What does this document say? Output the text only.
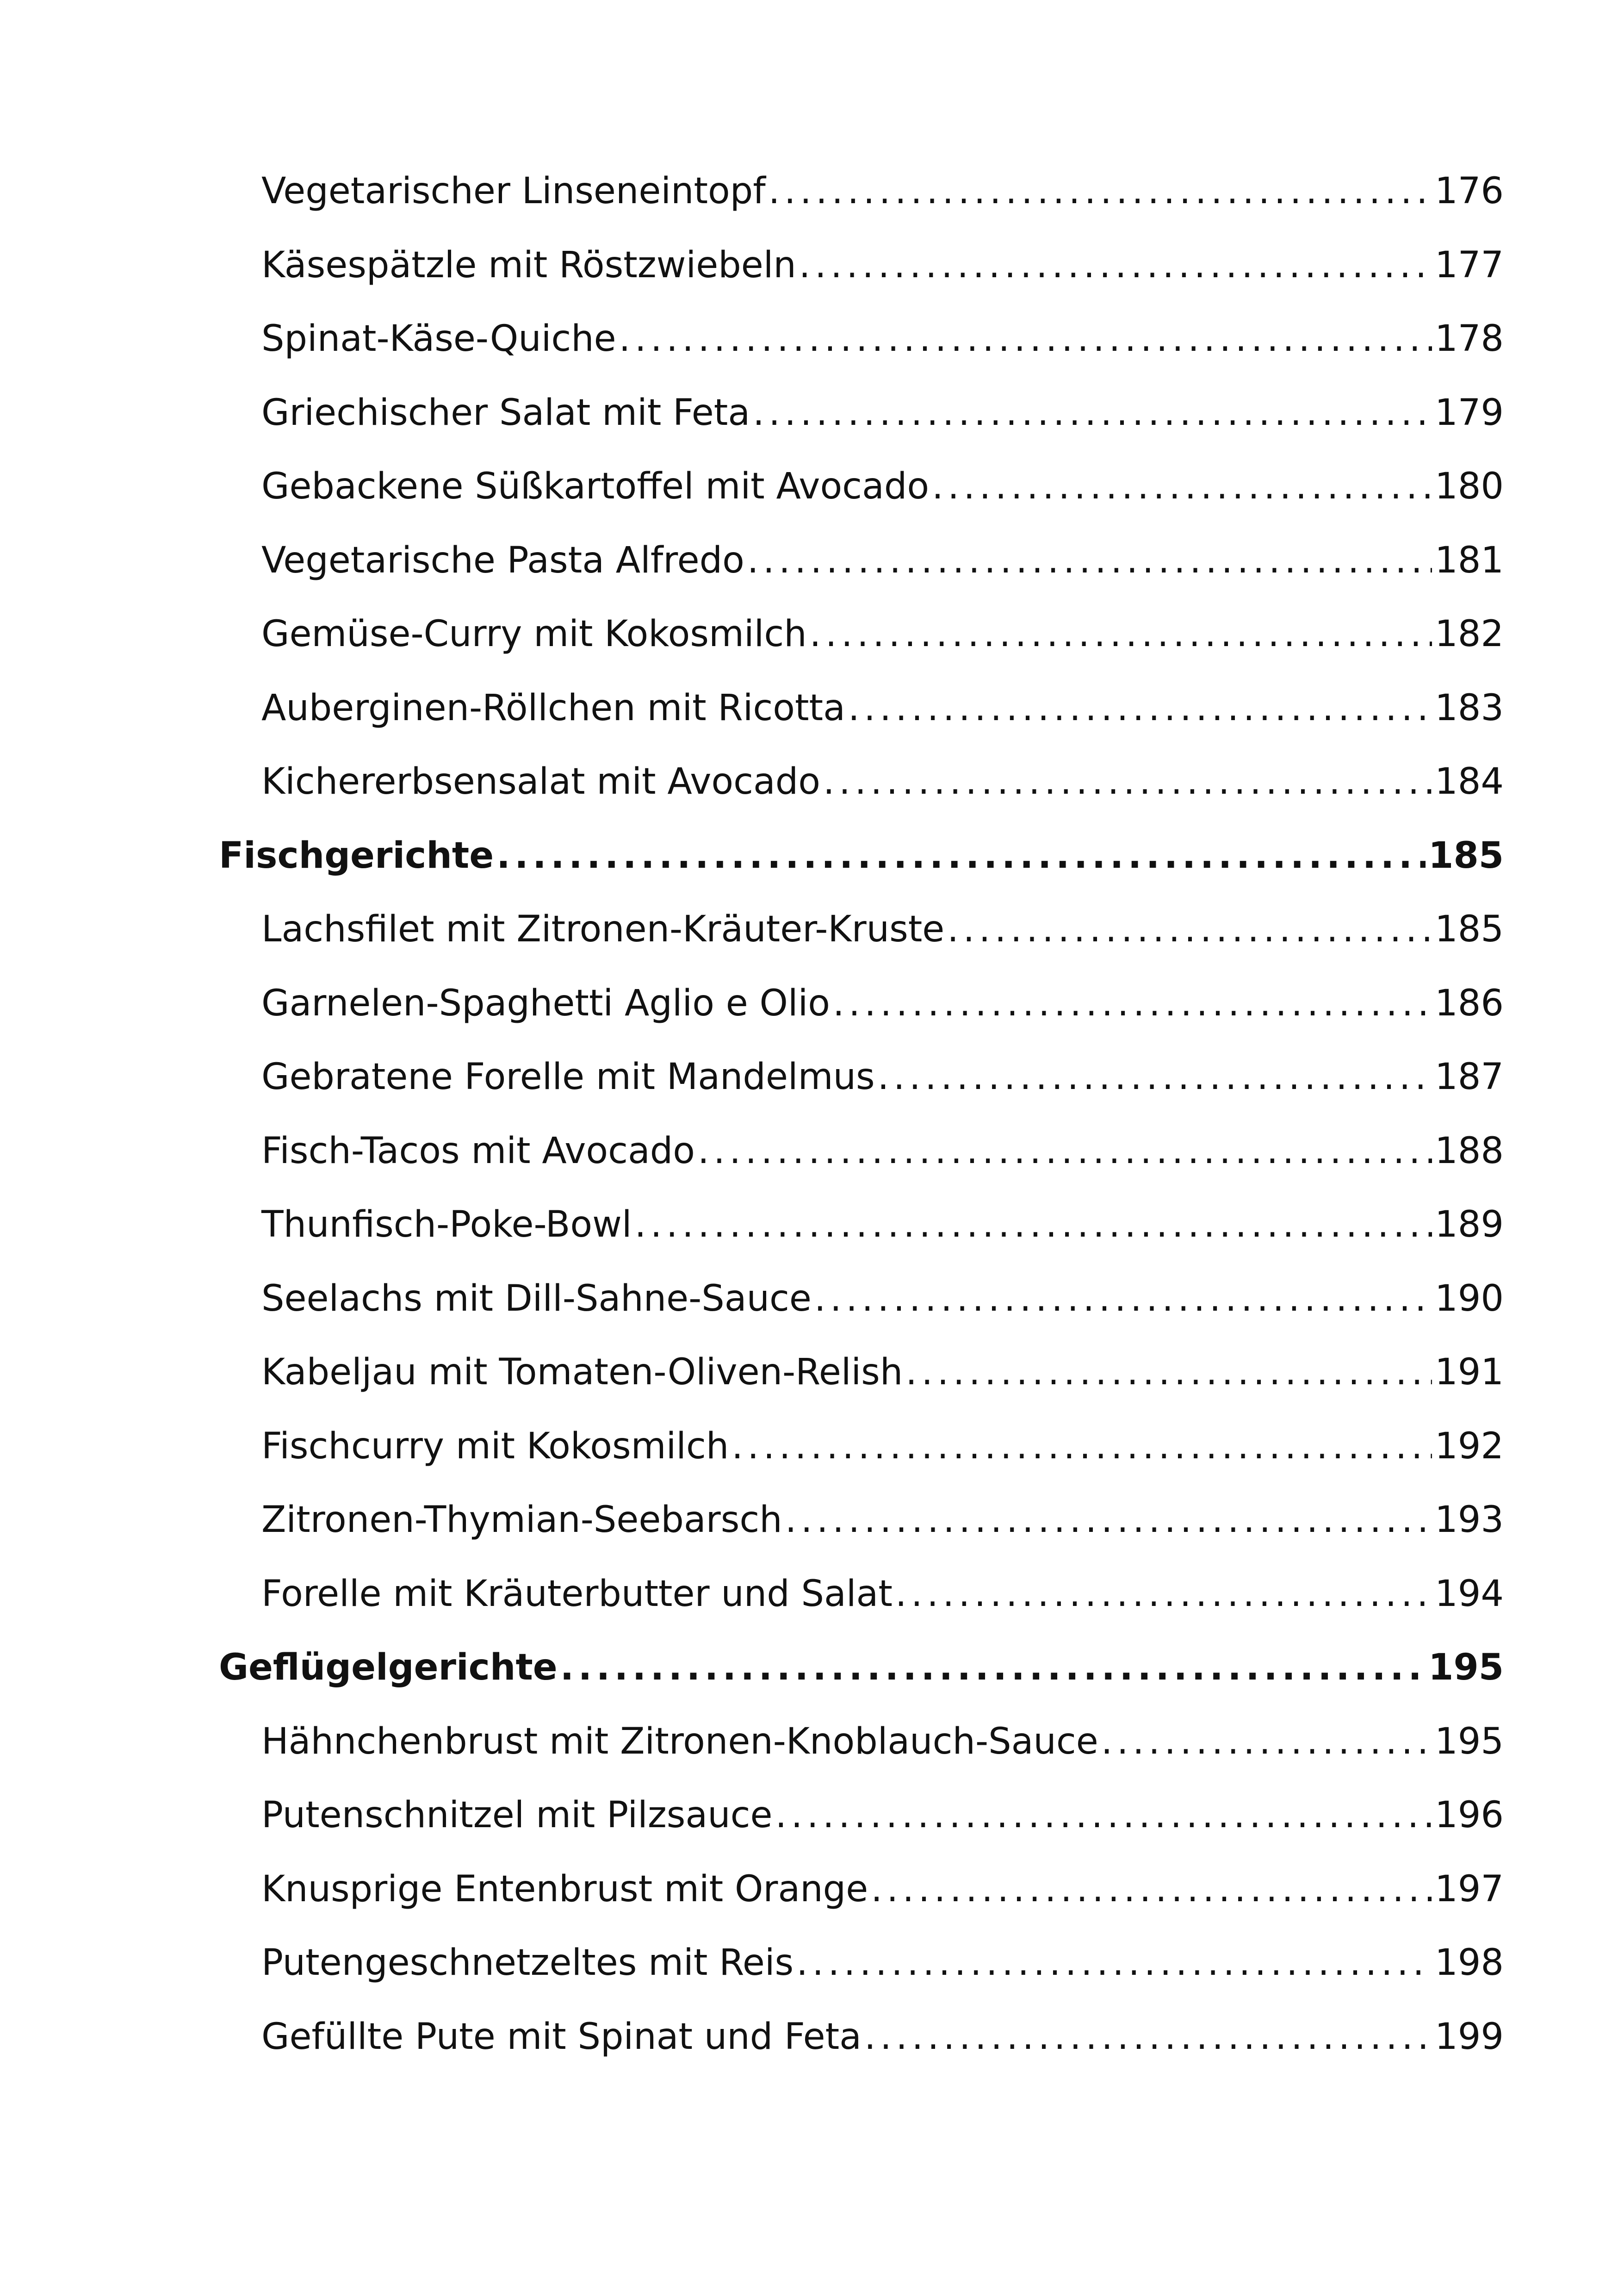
Vegetarischer Linseneintopf .....	176
Käsespätzle mit Röstzwiebeln .....	177
Spinat-Käse-Quiche .....	178
Griechischer Salat mit Feta .....	179
Gebackene Süßkartoffel mit Avocado .....	180
Vegetarische Pasta Alfredo .....	181
Gemüse-Curry mit Kokosmilch .....	182
Auberginen-Röllchen mit Ricotta .....	183
Kichererbsensalat mit Avocado .....	184
Fischgerichte .....	185
Lachsfilet mit Zitronen-Kräuter-Kruste .....	185
Garnelen-Spaghetti Aglio e Olio .....	186
Gebratene Forelle mit Mandelmus .....	187
Fisch-Tacos mit Avocado .....	188
Thunfisch-Poke-Bowl .....	189
Seelachs mit Dill-Sahne-Sauce .....	190
Kabeljau mit Tomaten-Oliven-Relish .....	191
Fischcurry mit Kokosmilch .....	192
Zitronen-Thymian-Seebarsch .....	193
Forelle mit Kräuterbutter und Salat .....	194
Geflügelgerichte .....	195
Hähnchenbrust mit Zitronen-Knoblauch-Sauce .....	195
Putenschnitzel mit Pilzsauce .....	196
Knusprige Entenbrust mit Orange .....	197
Putengeschnetzeltes mit Reis .....	198
Gefüllte Pute mit Spinat und Feta .....	199
